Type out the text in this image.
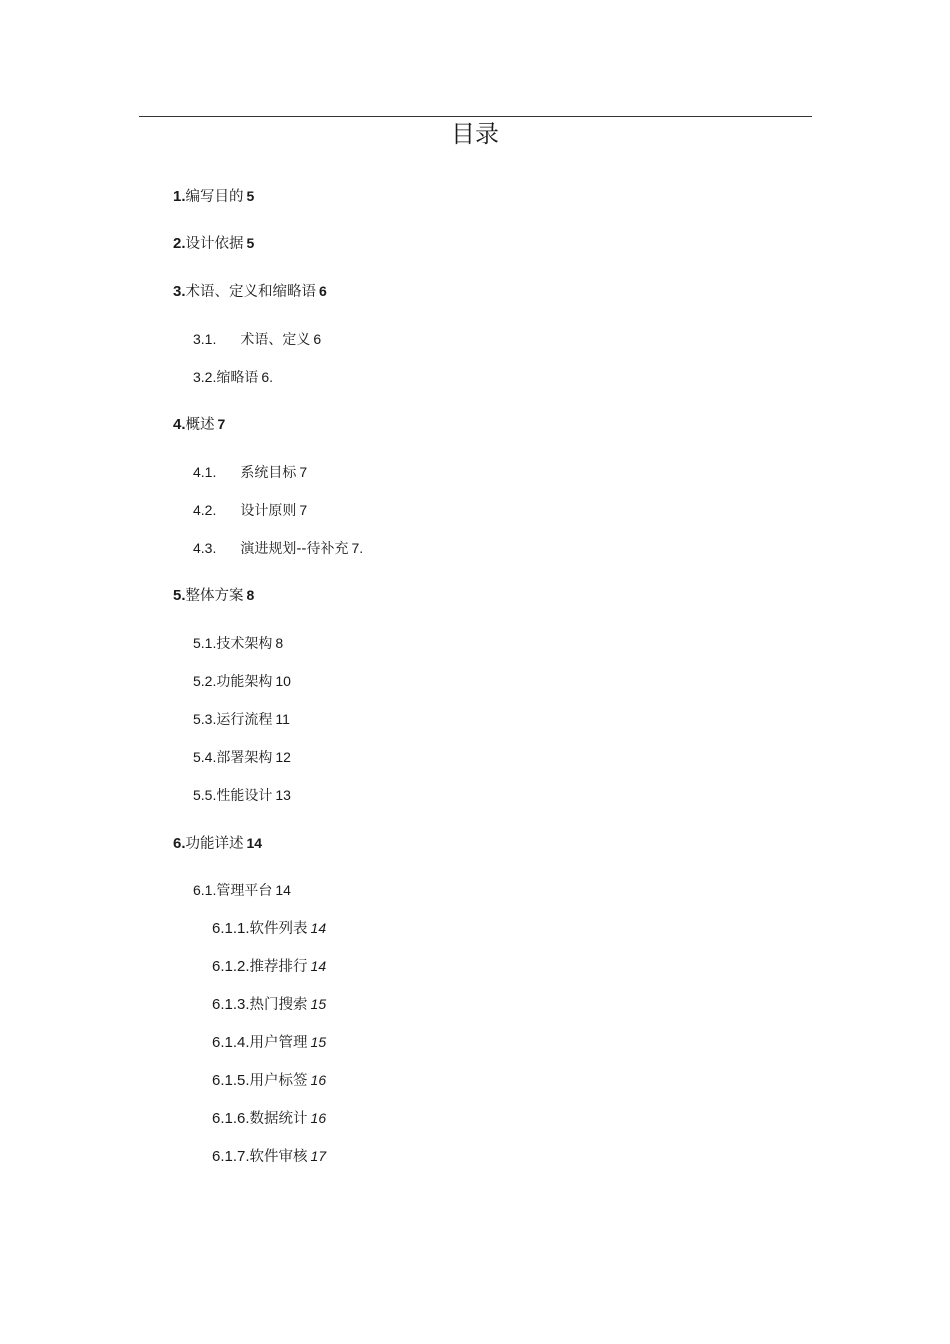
目录
1.编写目的 5
2.设计依据 5
3.术语、定义和缩略语 6
3.1. 术语、定义 6
3.2.缩略语 6.
4.概述 7
4.1. 系统目标 7
4.2. 设计原则 7
4.3. 演进规划--待补充 7.
5.整体方案 8
5.1.技术架构 8
5.2.功能架构 10
5.3.运行流程 11
5.4.部署架构 12
5.5.性能设计 13
6.功能详述 14
6.1.管理平台 14
6.1.1.软件列表 14
6.1.2.推荐排行 14
6.1.3.热门搜索 15
6.1.4.用户管理 15
6.1.5.用户标签 16
6.1.6.数据统计 16
6.1.7.软件审核 17
